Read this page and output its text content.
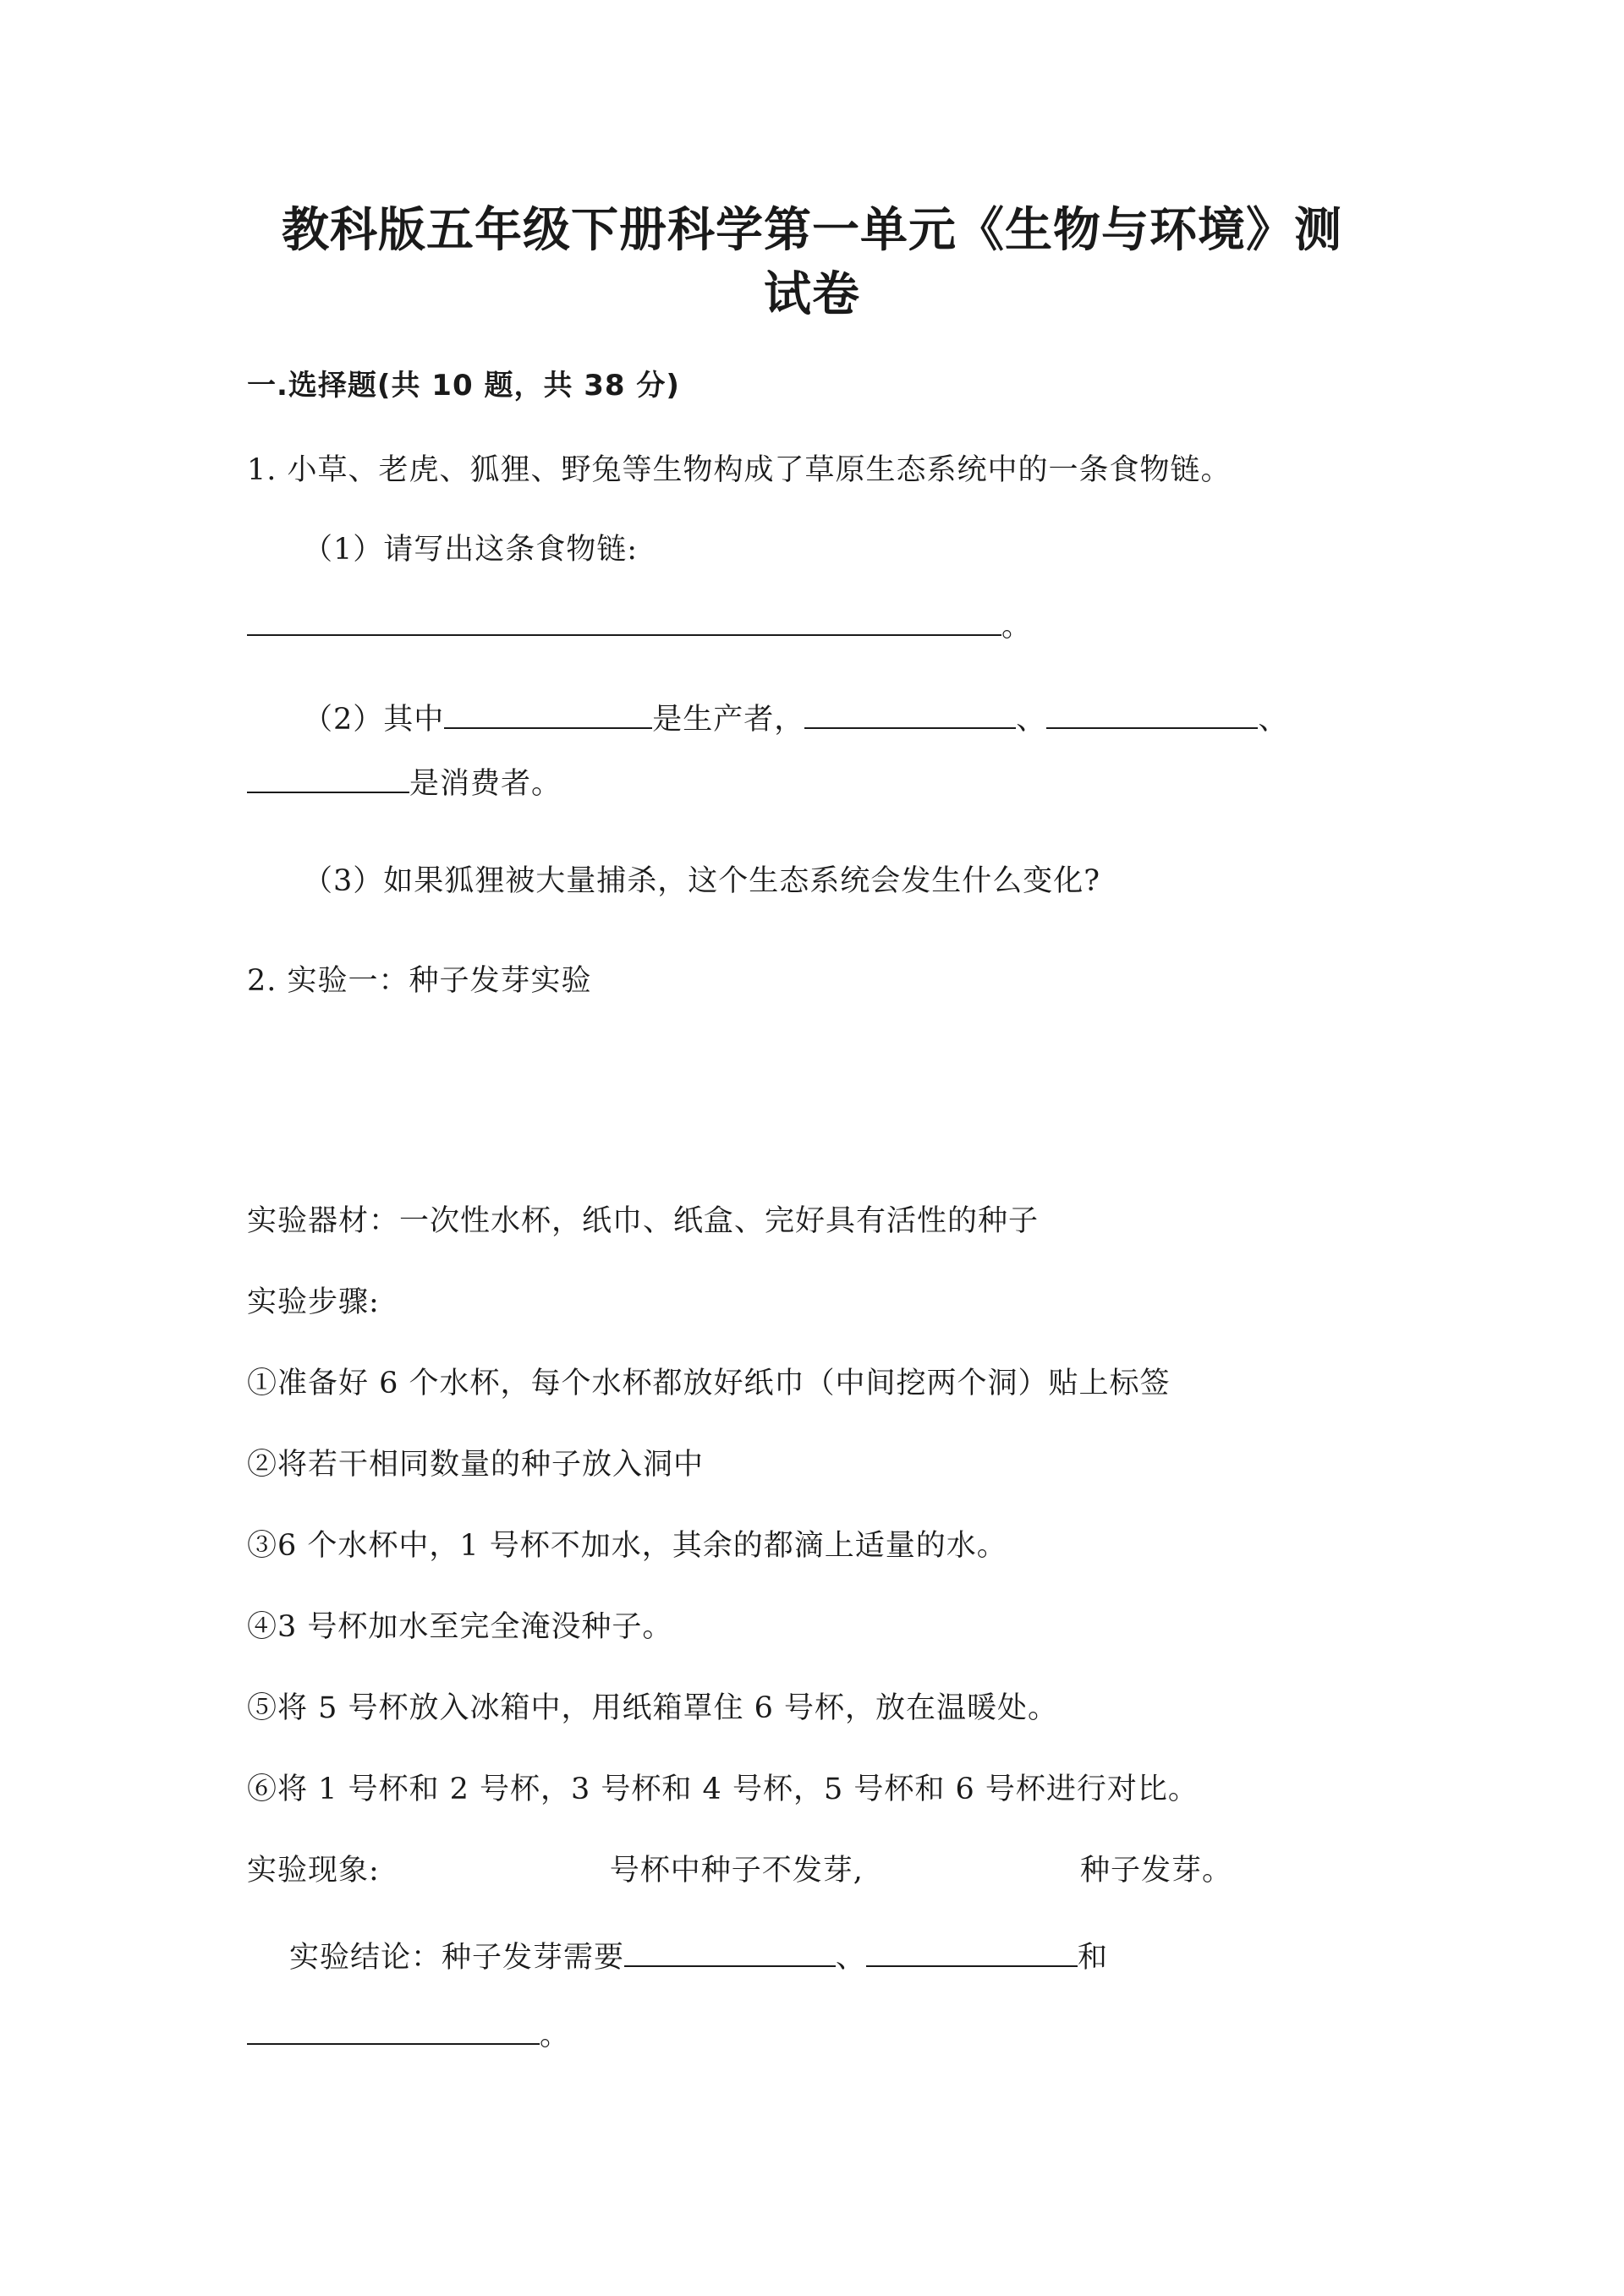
教科版五年级下册科学第一单元《生物与环境》测
试卷
一.选择题(共 10 题，共 38 分)
1. 小草、老虎、狐狸、野兔等生物构成了草原生态系统中的一条食物链。
（1）请写出这条食物链:
。
（2）其中	是生产者，	、	、
是消费者。
（3）如果狐狸被大量捕杀，这个生态系统会发生什么变化?
2. 实验一：种子发芽实验
实验器材：一次性水杯，纸巾、纸盒、完好具有活性的种子
实验步骤:
①准备好 6 个水杯，每个水杯都放好纸巾（中间挖两个洞）贴上标签
②将若干相同数量的种子放入洞中
③6 个水杯中，1 号杯不加水，其余的都滴上适量的水。
④3 号杯加水至完全淹没种子。
⑤将 5 号杯放入冰箱中，用纸箱罩住 6 号杯，放在温暖处。
⑥将 1 号杯和 2 号杯，3 号杯和 4 号杯，5 号杯和 6 号杯进行对比。
实验现象:	号杯中种子不发芽,	种子发芽。
实验结论：种子发芽需要	、	和
。
